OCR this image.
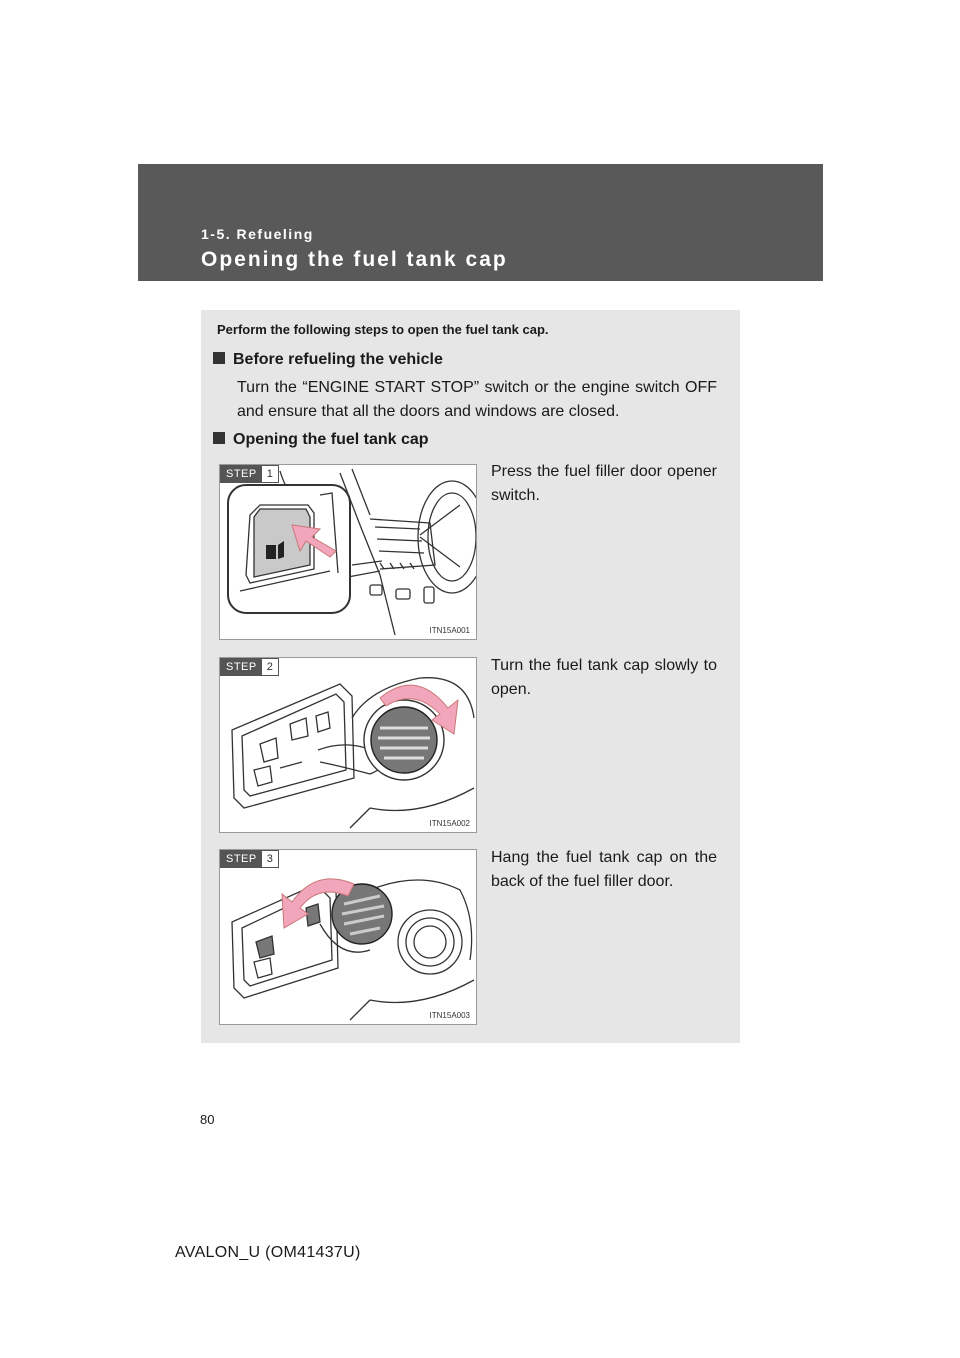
1-5. Refueling
Opening the fuel tank cap
Perform the following steps to open the fuel tank cap.
Before refueling the vehicle
Turn the “ENGINE START STOP” switch or the engine switch OFF and ensure that all the doors and windows are closed.
Opening the fuel tank cap
STEP 1
ITN15A001
Press the fuel filler door opener switch.
STEP 2
ITN15A002
Turn the fuel tank cap slowly to open.
STEP 3
ITN15A003
Hang the fuel tank cap on the back of the fuel filler door.
80
AVALON_U (OM41437U)
